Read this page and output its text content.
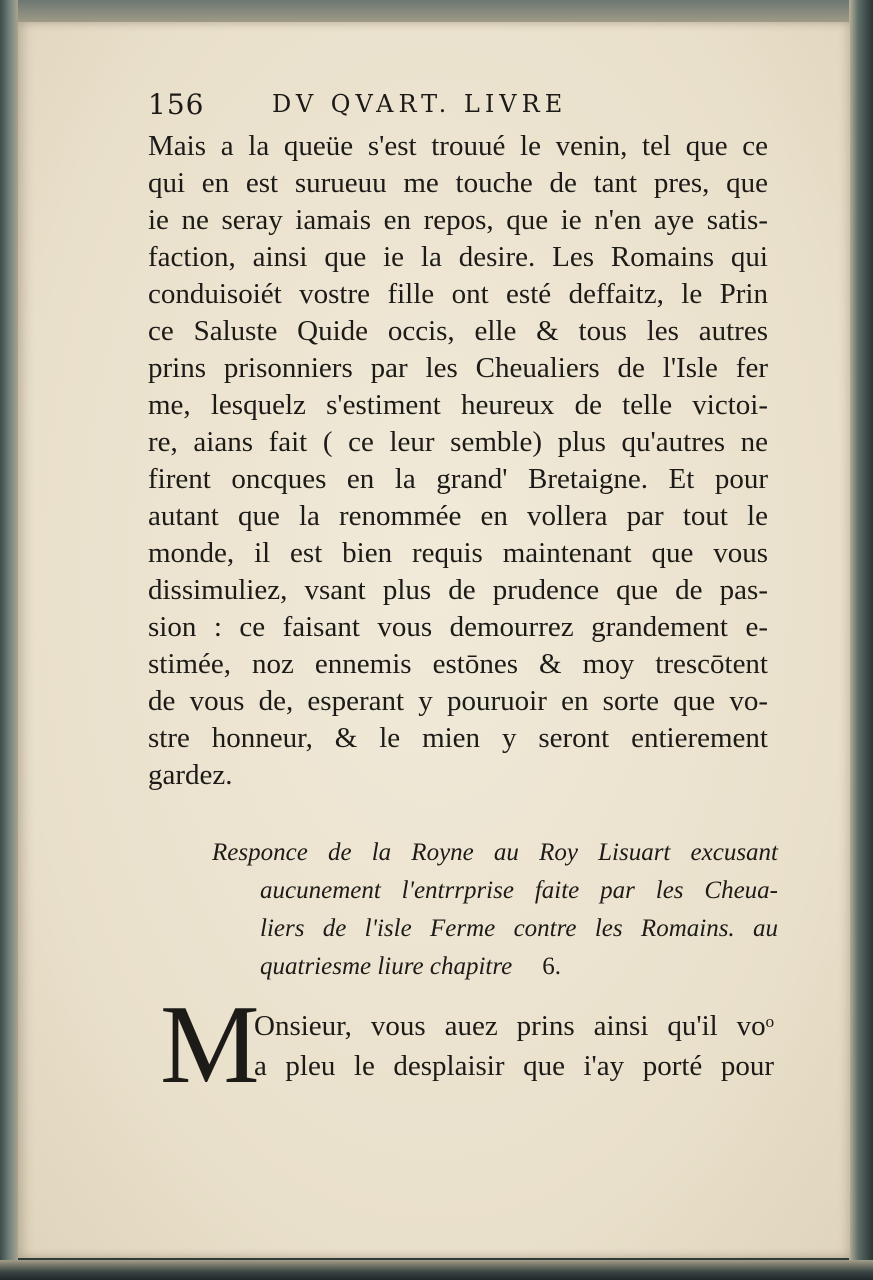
156	DV QVART. LIVRE
Mais a la queüe s'est trouué le venin, tel que ce
qui en est surueuu me touche de tant pres, que
ie ne seray iamais en repos, que ie n'en aye satis-
faction, ainsi que ie la desire. Les Romains qui
conduisoiét vostre fille ont esté deffaitz, le Prin
ce Saluste Quide occis, elle & tous les autres
prins prisonniers par les Cheualiers de l'Isle fer
me, lesquelz s'estiment heureux de telle victoi-
re, aians fait ( ce leur semble) plus qu'autres ne
firent oncques en la grand' Bretaigne. Et pour
autant que la renommée en vollera par tout le
monde, il est bien requis maintenant que vous
dissimuliez, vsant plus de prudence que de pas-
sion : ce faisant vous demourrez grandement e-
stimée, noz ennemis estōnes & moy trescōtent
de vous de, esperant y pouruoir en sorte que vo-
stre honneur, & le mien y seront entierement
gardez.
Responce de la Royne au Roy Lisuart excusant
aucunement l'entrrprise faite par les Cheua-
liers de l'isle Ferme contre les Romains. au
quatriesme liure chapitre 6.
M
Onsieur, vous auez prins ainsi qu'il voᵒ
a pleu le desplaisir que i'ay porté pour
